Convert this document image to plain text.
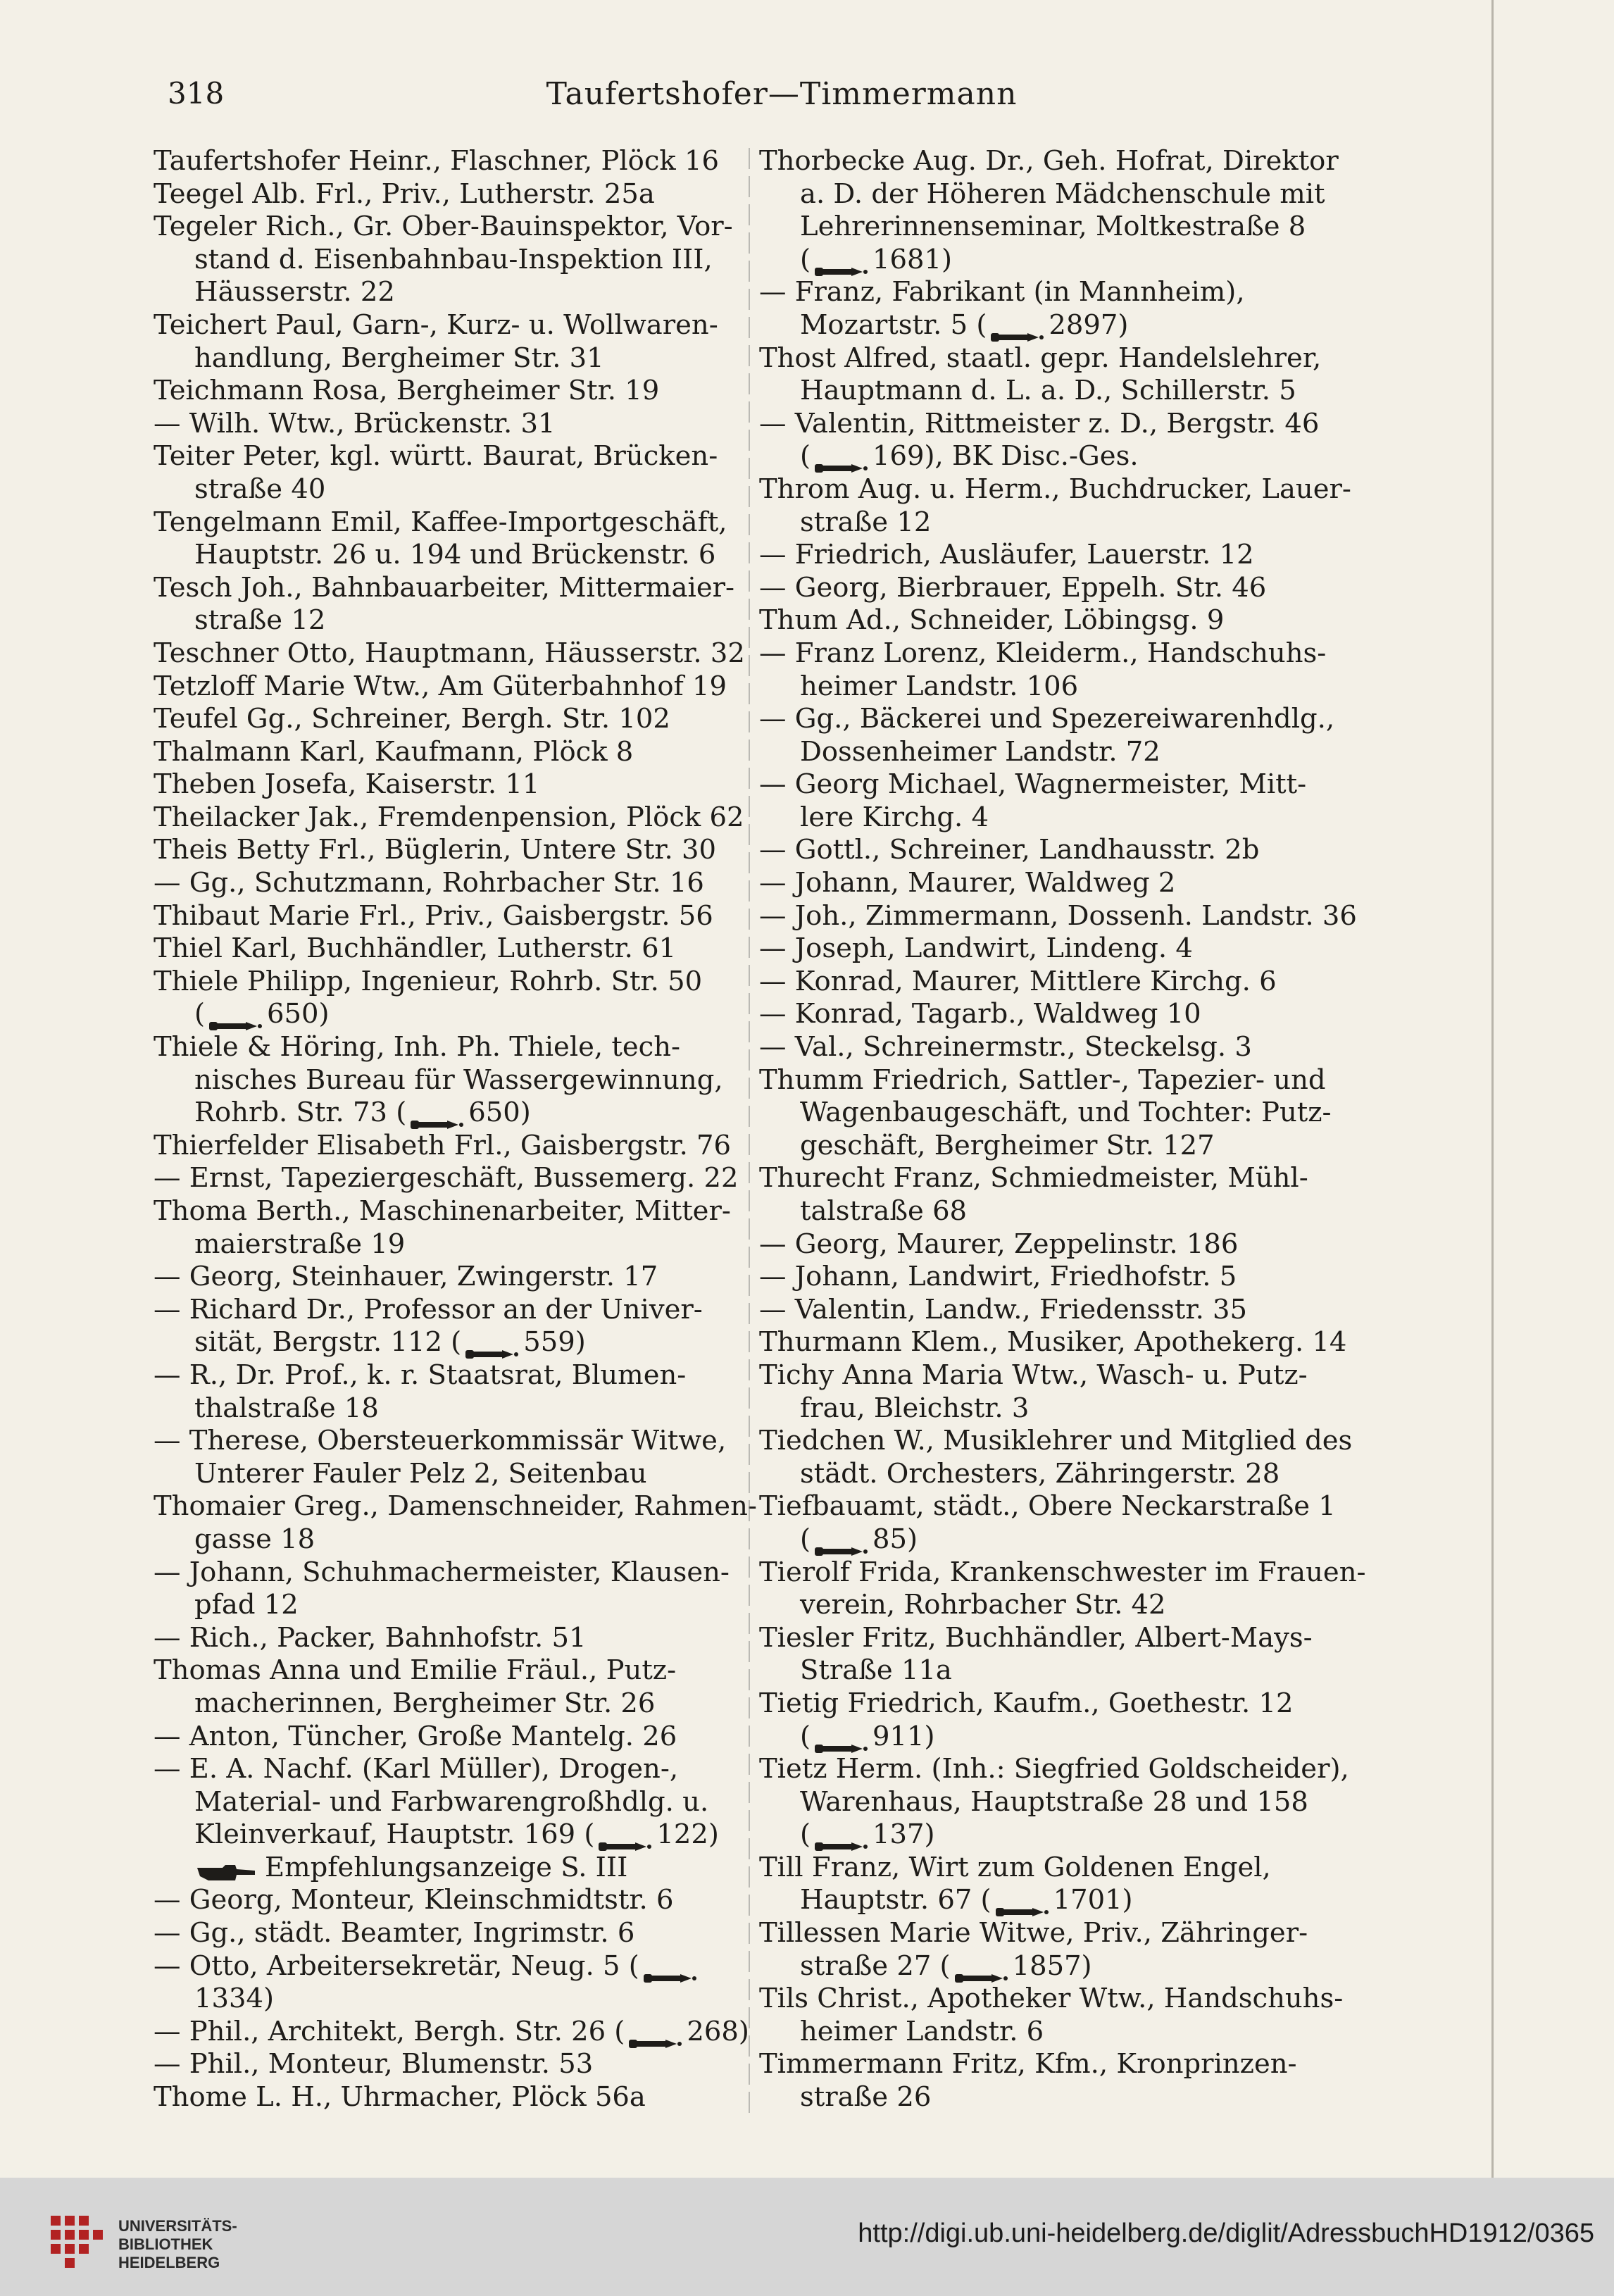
318	Taufertshofer—Timmermann
Taufertshofer Heinr., Flaschner, Plöck 16
Teegel Alb. Frl., Priv., Lutherstr. 25a
Tegeler Rich., Gr. Ober-Bauinspektor, Vor-
stand d. Eisenbahnbau-Inspektion III,
Häusserstr. 22
Teichert Paul, Garn-, Kurz- u. Wollwaren-
handlung, Bergheimer Str. 31
Teichmann Rosa, Bergheimer Str. 19
— Wilh. Wtw., Brückenstr. 31
Teiter Peter, kgl. württ. Baurat, Brücken-
straße 40
Tengelmann Emil, Kaffee-Importgeschäft,
Hauptstr. 26 u. 194 und Brückenstr. 6
Tesch Joh., Bahnbauarbeiter, Mittermaier-
straße 12
Teschner Otto, Hauptmann, Häusserstr. 32
Tetzloff Marie Wtw., Am Güterbahnhof 19
Teufel Gg., Schreiner, Bergh. Str. 102
Thalmann Karl, Kaufmann, Plöck 8
Theben Josefa, Kaiserstr. 11
Theilacker Jak., Fremdenpension, Plöck 62
Theis Betty Frl., Büglerin, Untere Str. 30
— Gg., Schutzmann, Rohrbacher Str. 16
Thibaut Marie Frl., Priv., Gaisbergstr. 56
Thiel Karl, Buchhändler, Lutherstr. 61
Thiele Philipp, Ingenieur, Rohrb. Str. 50
( 650)
Thiele & Höring, Inh. Ph. Thiele, tech-
nisches Bureau für Wassergewinnung,
Rohrb. Str. 73 ( 650)
Thierfelder Elisabeth Frl., Gaisbergstr. 76
— Ernst, Tapeziergeschäft, Bussemerg. 22
Thoma Berth., Maschinenarbeiter, Mitter-
maierstraße 19
— Georg, Steinhauer, Zwingerstr. 17
— Richard Dr., Professor an der Univer-
sität, Bergstr. 112 ( 559)
— R., Dr. Prof., k. r. Staatsrat, Blumen-
thalstraße 18
— Therese, Obersteuerkommissär Witwe,
Unterer Fauler Pelz 2, Seitenbau
Thomaier Greg., Damenschneider, Rahmen-
gasse 18
— Johann, Schuhmachermeister, Klausen-
pfad 12
— Rich., Packer, Bahnhofstr. 51
Thomas Anna und Emilie Fräul., Putz-
macherinnen, Bergheimer Str. 26
— Anton, Tüncher, Große Mantelg. 26
— E. A. Nachf. (Karl Müller), Drogen-,
Material- und Farbwarengroßhdlg. u.
Kleinverkauf, Hauptstr. 169 ( 122)
Empfehlungsanzeige S. III
— Georg, Monteur, Kleinschmidtstr. 6
— Gg., städt. Beamter, Ingrimstr. 6
— Otto, Arbeitersekretär, Neug. 5 (
1334)
— Phil., Architekt, Bergh. Str. 26 ( 268)
— Phil., Monteur, Blumenstr. 53
Thome L. H., Uhrmacher, Plöck 56a
Thorbecke Aug. Dr., Geh. Hofrat, Direktor
a. D. der Höheren Mädchenschule mit
Lehrerinnenseminar, Moltkestraße 8
( 1681)
— Franz, Fabrikant (in Mannheim),
Mozartstr. 5 ( 2897)
Thost Alfred, staatl. gepr. Handelslehrer,
Hauptmann d. L. a. D., Schillerstr. 5
— Valentin, Rittmeister z. D., Bergstr. 46
( 169), BK Disc.-Ges.
Throm Aug. u. Herm., Buchdrucker, Lauer-
straße 12
— Friedrich, Ausläufer, Lauerstr. 12
— Georg, Bierbrauer, Eppelh. Str. 46
Thum Ad., Schneider, Löbingsg. 9
— Franz Lorenz, Kleiderm., Handschuhs-
heimer Landstr. 106
— Gg., Bäckerei und Spezereiwarenhdlg.,
Dossenheimer Landstr. 72
— Georg Michael, Wagnermeister, Mitt-
lere Kirchg. 4
— Gottl., Schreiner, Landhausstr. 2b
— Johann, Maurer, Waldweg 2
— Joh., Zimmermann, Dossenh. Landstr. 36
— Joseph, Landwirt, Lindeng. 4
— Konrad, Maurer, Mittlere Kirchg. 6
— Konrad, Tagarb., Waldweg 10
— Val., Schreinermstr., Steckelsg. 3
Thumm Friedrich, Sattler-, Tapezier- und
Wagenbaugeschäft, und Tochter: Putz-
geschäft, Bergheimer Str. 127
Thurecht Franz, Schmiedmeister, Mühl-
talstraße 68
— Georg, Maurer, Zeppelinstr. 186
— Johann, Landwirt, Friedhofstr. 5
— Valentin, Landw., Friedensstr. 35
Thurmann Klem., Musiker, Apothekerg. 14
Tichy Anna Maria Wtw., Wasch- u. Putz-
frau, Bleichstr. 3
Tiedchen W., Musiklehrer und Mitglied des
städt. Orchesters, Zähringerstr. 28
Tiefbauamt, städt., Obere Neckarstraße 1
( 85)
Tierolf Frida, Krankenschwester im Frauen-
verein, Rohrbacher Str. 42
Tiesler Fritz, Buchhändler, Albert-Mays-
Straße 11a
Tietig Friedrich, Kaufm., Goethestr. 12
( 911)
Tietz Herm. (Inh.: Siegfried Goldscheider),
Warenhaus, Hauptstraße 28 und 158
( 137)
Till Franz, Wirt zum Goldenen Engel,
Hauptstr. 67 ( 1701)
Tillessen Marie Witwe, Priv., Zähringer-
straße 27 ( 1857)
Tils Christ., Apotheker Wtw., Handschuhs-
heimer Landstr. 6
Timmermann Fritz, Kfm., Kronprinzen-
straße 26
UNIVERSITÄTS-
BIBLIOTHEK
HEIDELBERG
http://digi.ub.uni-heidelberg.de/diglit/AdressbuchHD1912/0365
